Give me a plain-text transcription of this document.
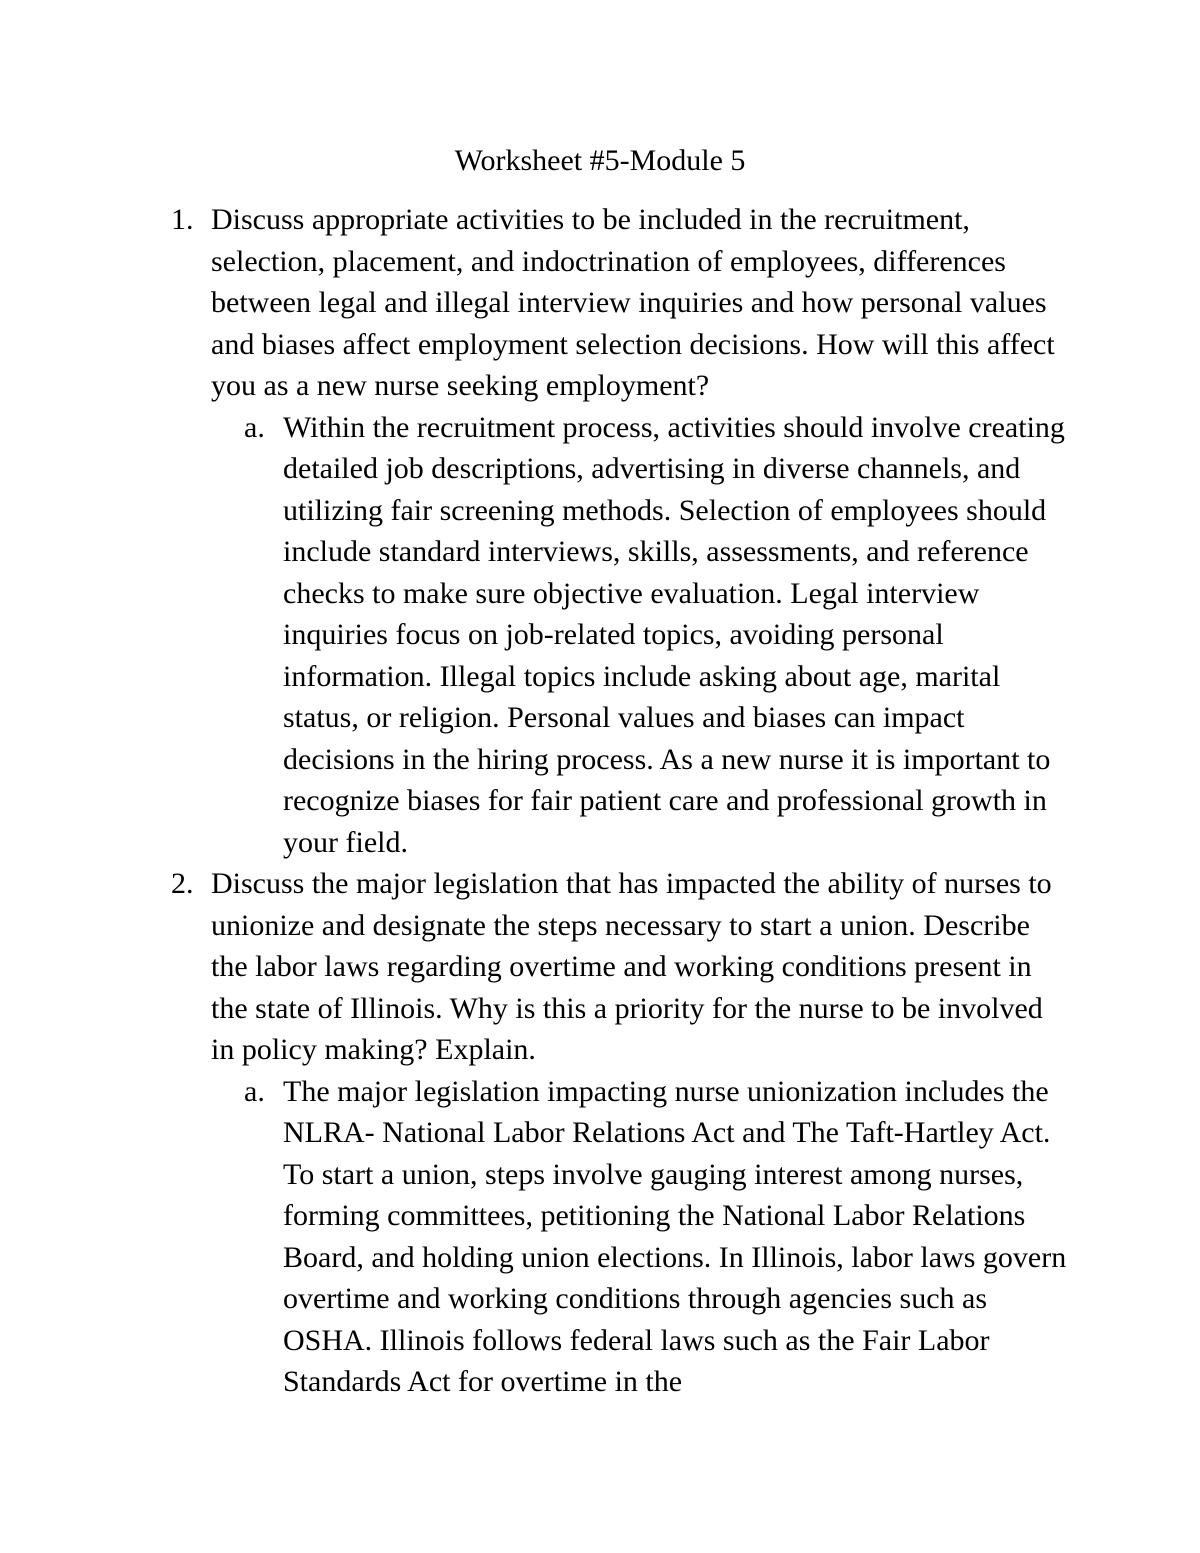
Worksheet #5-Module 5
1. Discuss appropriate activities to be included in the recruitment, selection, placement, and indoctrination of employees, differences between legal and illegal interview inquiries and how personal values and biases affect employment selection decisions. How will this affect you as a new nurse seeking employment?
a. Within the recruitment process, activities should involve creating detailed job descriptions, advertising in diverse channels, and utilizing fair screening methods. Selection of employees should include standard interviews, skills, assessments, and reference checks to make sure objective evaluation. Legal interview inquiries focus on job-related topics, avoiding personal information. Illegal topics include asking about age, marital status, or religion. Personal values and biases can impact decisions in the hiring process. As a new nurse it is important to recognize biases for fair patient care and professional growth in your field.
2. Discuss the major legislation that has impacted the ability of nurses to unionize and designate the steps necessary to start a union. Describe the labor laws regarding overtime and working conditions present in the state of Illinois. Why is this a priority for the nurse to be involved in policy making? Explain.
a. The major legislation impacting nurse unionization includes the NLRA- National Labor Relations Act and The Taft-Hartley Act. To start a union, steps involve gauging interest among nurses, forming committees, petitioning the National Labor Relations Board, and holding union elections. In Illinois, labor laws govern overtime and working conditions through agencies such as OSHA. Illinois follows federal laws such as the Fair Labor Standards Act for overtime in the
